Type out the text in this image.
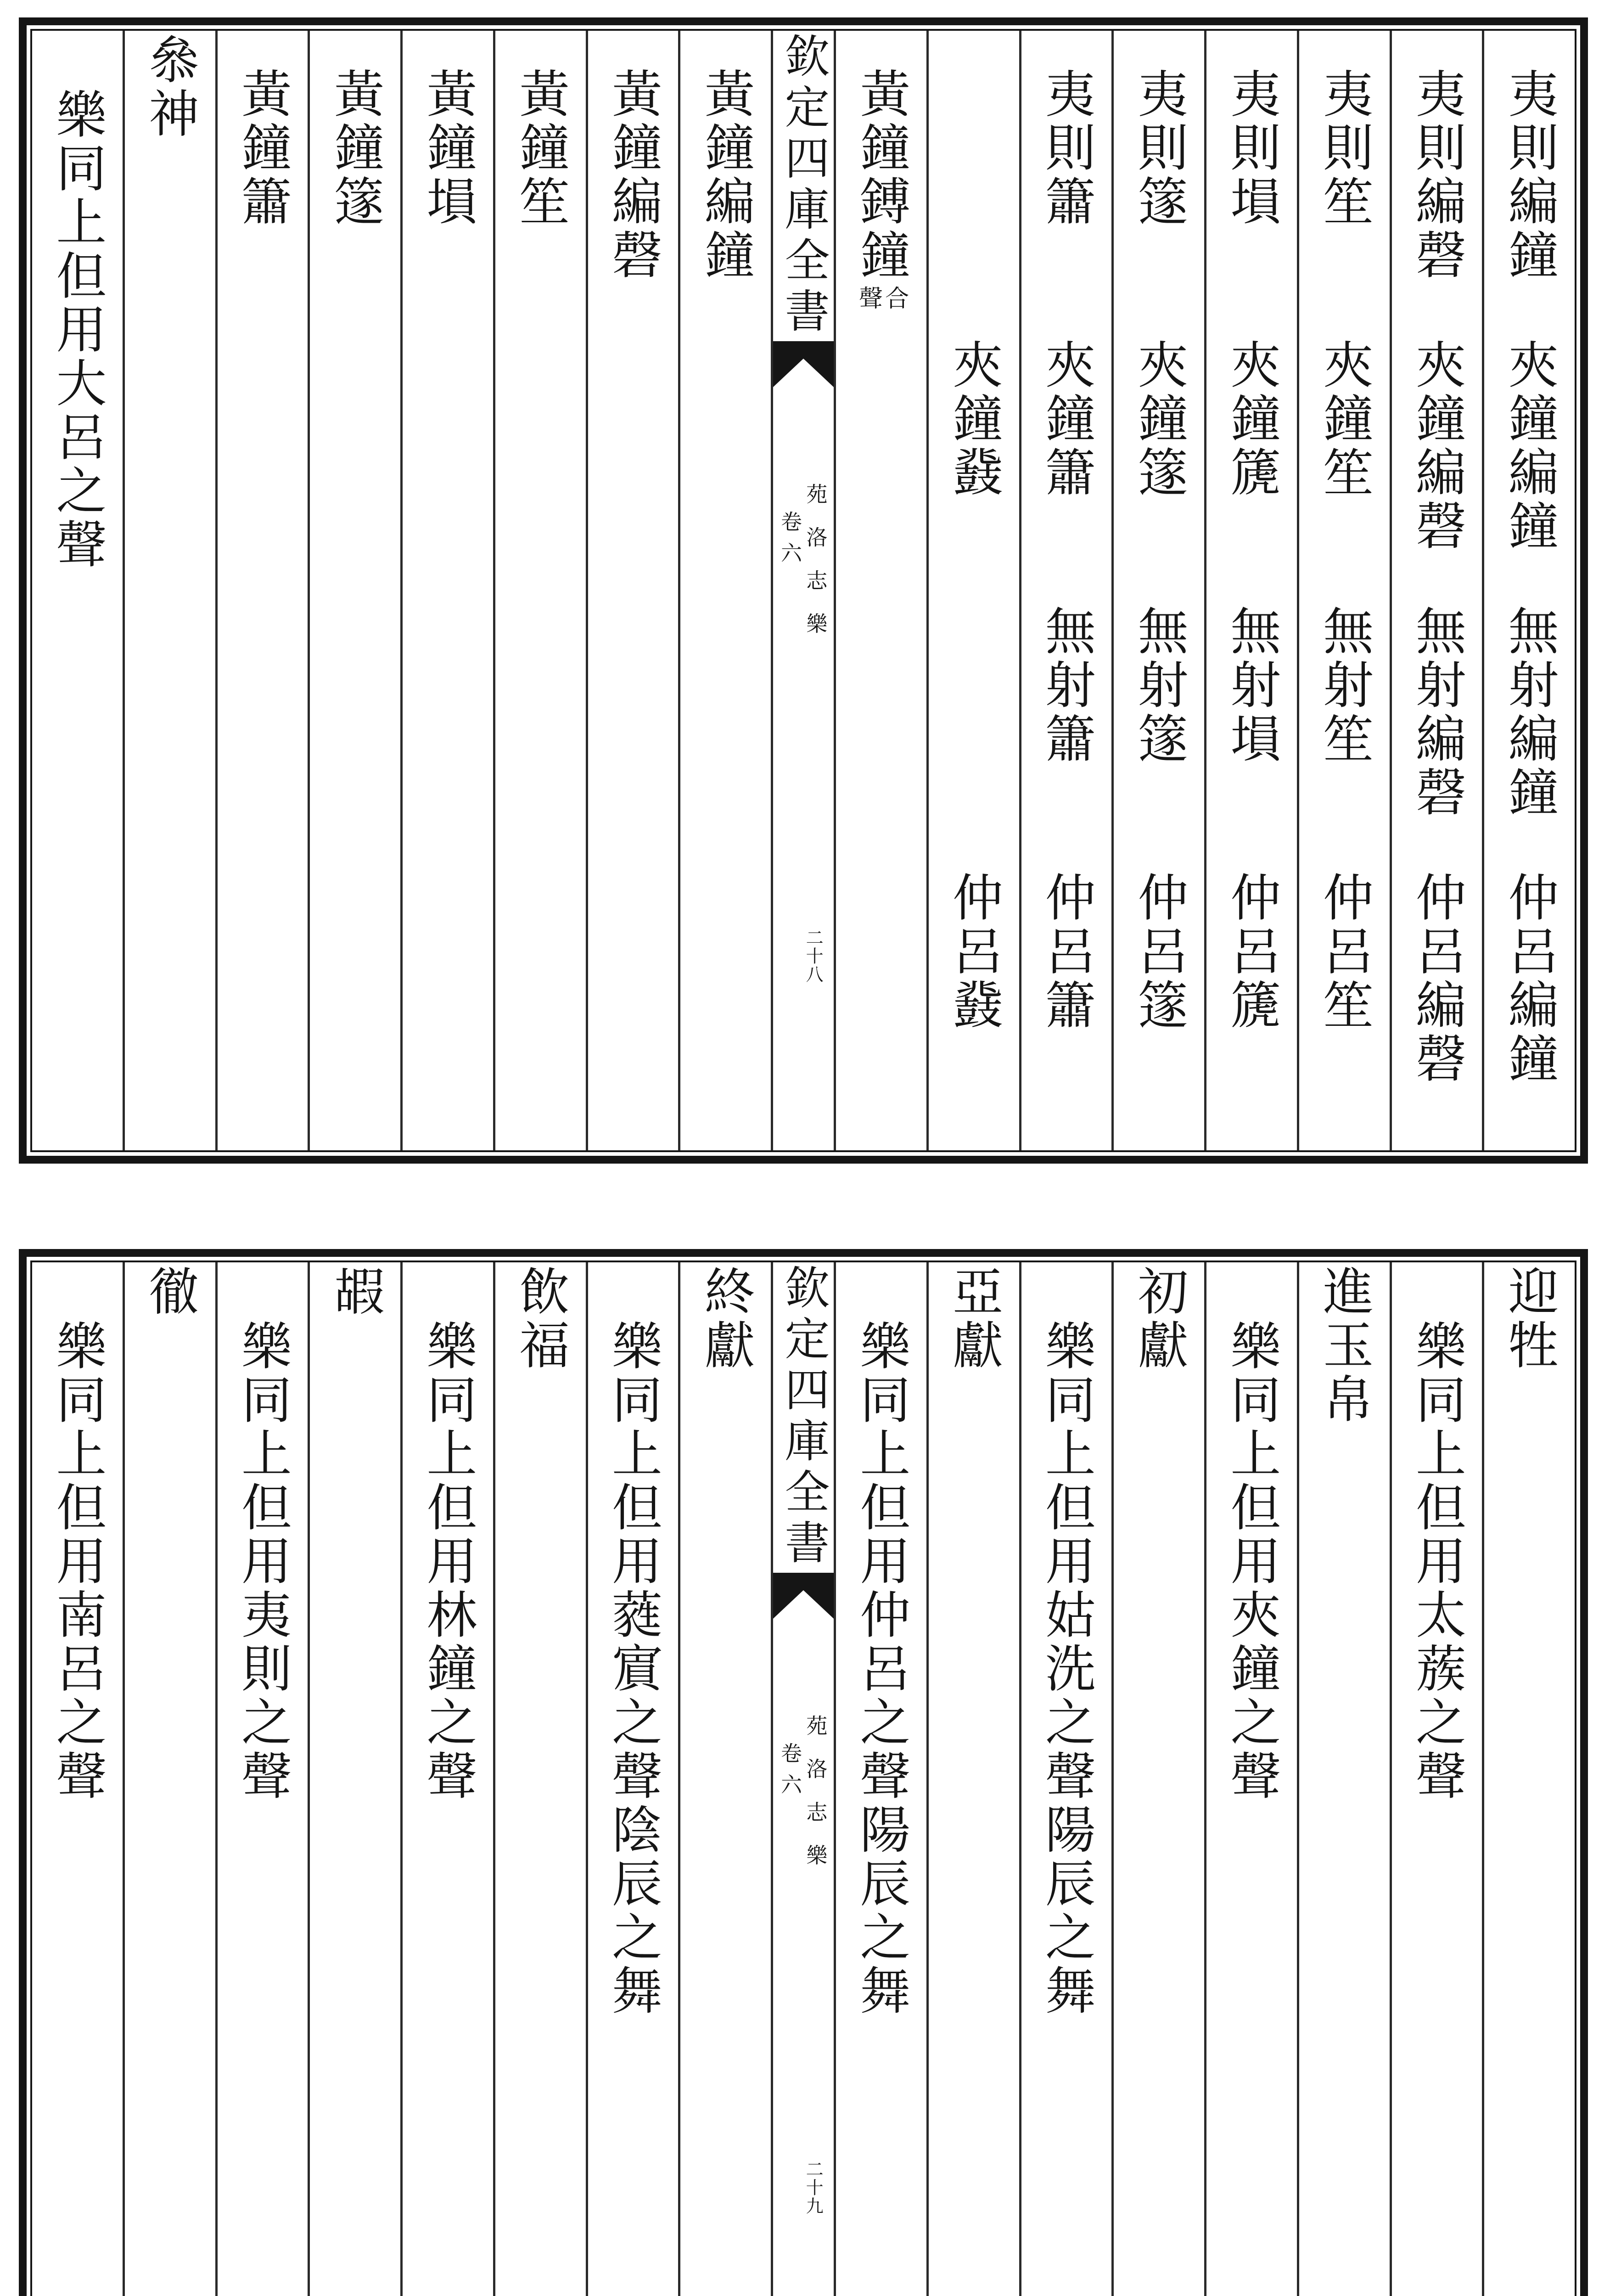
夷則編鐘
夾鐘編鐘
無射編鐘
仲呂編鐘
夷則編磬
夾鐘編磬
無射編磬
仲呂編磬
夷則笙
夾鐘笙
無射笙
仲呂笙
夷則塤
夾鐘篪
無射塤
仲呂篪
夷則篴
夾鐘篴
無射篴
仲呂篴
夷則簫
夾鐘簫
無射簫
仲呂簫
夾鐘鼗
仲呂鼗
黃鐘鎛鐘
合聲
欽定四庫全書
苑洛志樂
卷六
二十八
黃鐘編鐘
黃鐘編磬
黃鐘笙
黃鐘塤
黃鐘篴
黃鐘簫
叅神
樂同上但用大呂之聲
迎牲
樂同上但用太蔟之聲
進玉帛
樂同上但用夾鐘之聲
初獻
樂同上但用姑洗之聲陽辰之舞
亞獻
樂同上但用仲呂之聲陽辰之舞
欽定四庫全書
苑洛志樂
卷六
二十九
終獻
樂同上但用蕤賔之聲陰辰之舞
飲福
樂同上但用林鐘之聲
嘏
樂同上但用夷則之聲
徹
樂同上但用南呂之聲
